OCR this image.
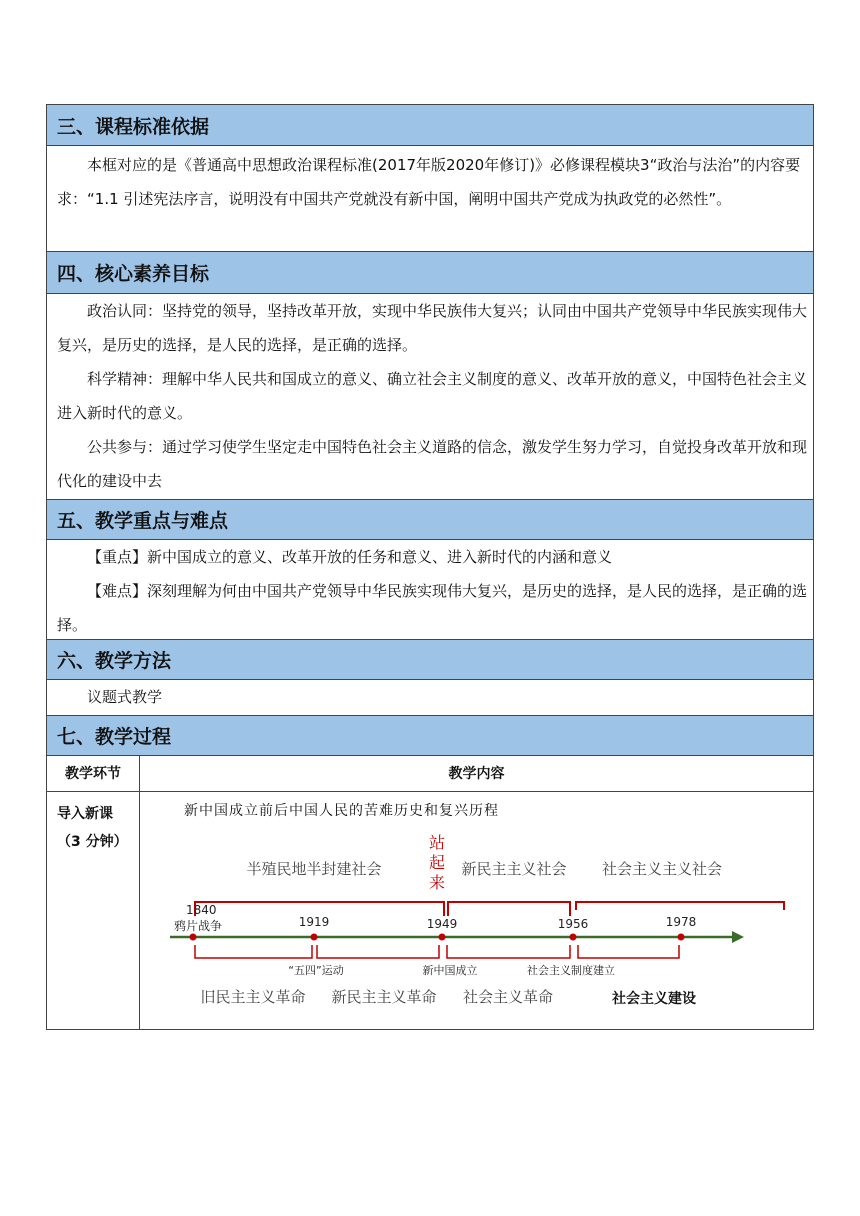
三、课程标准依据

本框对应的是《普通高中思想政治课程标准(2017年版2020年修订)》必修课程模块3“政治与法治”的内容要求：“1.1 引述宪法序言，说明没有中国共产党就没有新中国，阐明中国共产党成为执政党的必然性”。

四、核心素养目标

政治认同：坚持党的领导，坚持改革开放，实现中华民族伟大复兴；认同由中国共产党领导中华民族实现伟大复兴，是历史的选择，是人民的选择，是正确的选择。

科学精神：理解中华人民共和国成立的意义、确立社会主义制度的意义、改革开放的意义，中国特色社会主义进入新时代的意义。

公共参与：通过学习使学生坚定走中国特色社会主义道路的信念，激发学生努力学习，自觉投身改革开放和现代化的建设中去

五、教学重点与难点

【重点】新中国成立的意义、改革开放的任务和意义、进入新时代的内涵和意义

【难点】深刻理解为何由中国共产党领导中华民族实现伟大复兴，是历史的选择，是人民的选择，是正确的选择。

六、教学方法

议题式教学

七、教学过程
教学环节	教学内容
导入新课
（3 分钟）
新中国成立前后中国人民的苦难历史和复兴历程
半殖民地半封建社会	新民主主义社会 社会主义主义社会
站
起
来
1840
鸦片战争	1919	1949	1956	1978
“五四”运动	新中国成立	社会主义制度建立
旧民主主义革命 新民主主义革命 社会主义革命	社会主义建设
